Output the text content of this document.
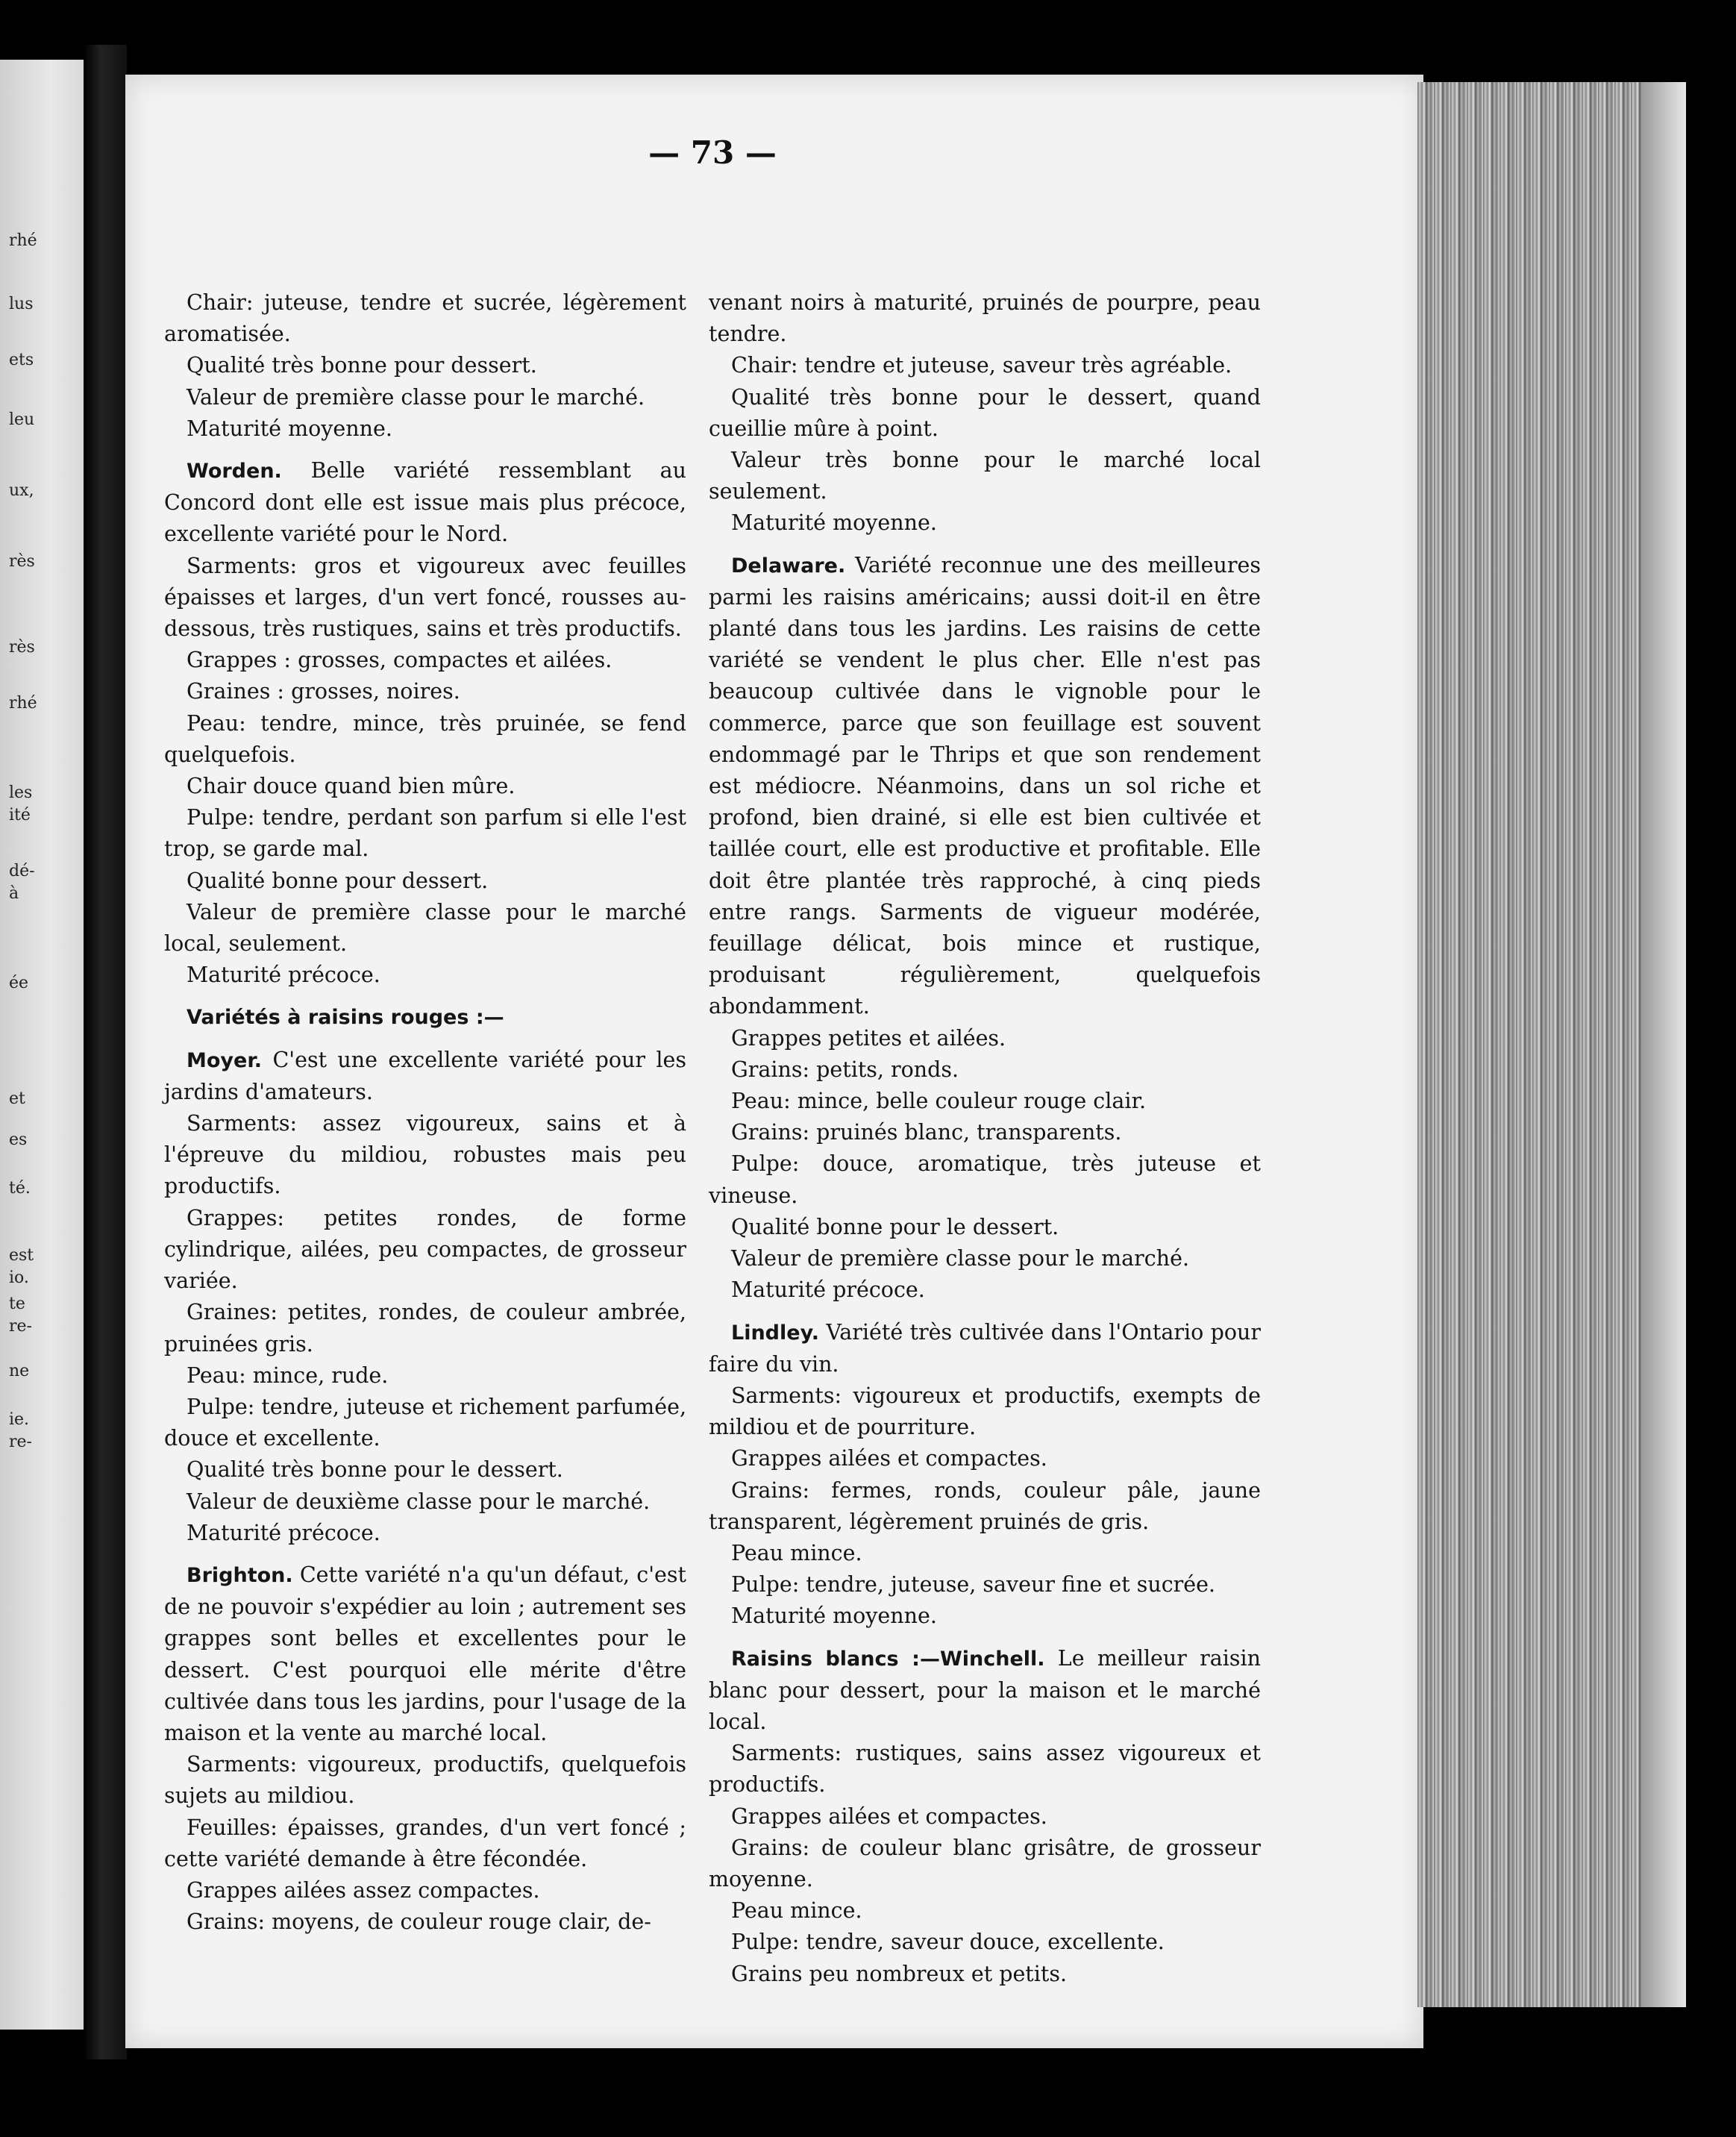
rhé
lus
ets
leu
ux,
rès
rès
rhé
les
ité
dé-
à
ée
et
es
té.
est
io.
te
re-
ne
ie.
re-
— 73 —

Chair: juteuse, tendre et sucrée, légèrement aromatisée.

Qualité très bonne pour dessert.

Valeur de première classe pour le marché.

Maturité moyenne.

Worden. Belle variété ressemblant au Concord dont elle est issue mais plus précoce, excellente variété pour le Nord.

Sarments: gros et vigoureux avec feuilles épaisses et larges, d'un vert foncé, rousses au-dessous, très rustiques, sains et très productifs.

Grappes : grosses, compactes et ailées.

Graines : grosses, noires.

Peau: tendre, mince, très pruinée, se fend quelquefois.

Chair douce quand bien mûre.

Pulpe: tendre, perdant son parfum si elle l'est trop, se garde mal.

Qualité bonne pour dessert.

Valeur de première classe pour le marché local, seulement.

Maturité précoce.

Variétés à raisins rouges :—

Moyer. C'est une excellente variété pour les jardins d'amateurs.

Sarments: assez vigoureux, sains et à l'épreuve du mildiou, robustes mais peu productifs.

Grappes: petites rondes, de forme cylindrique, ailées, peu compactes, de grosseur variée.

Graines: petites, rondes, de couleur ambrée, pruinées gris.

Peau: mince, rude.

Pulpe: tendre, juteuse et richement parfumée, douce et excellente.

Qualité très bonne pour le dessert.

Valeur de deuxième classe pour le marché.

Maturité précoce.

Brighton. Cette variété n'a qu'un défaut, c'est de ne pouvoir s'expédier au loin ; autrement ses grappes sont belles et excellentes pour le dessert. C'est pourquoi elle mérite d'être cultivée dans tous les jardins, pour l'usage de la maison et la vente au marché local.

Sarments: vigoureux, productifs, quelquefois sujets au mildiou.

Feuilles: épaisses, grandes, d'un vert foncé ; cette variété demande à être fécondée.

Grappes ailées assez compactes.

Grains: moyens, de couleur rouge clair, de-

venant noirs à maturité, pruinés de pourpre, peau tendre.

Chair: tendre et juteuse, saveur très agréable.

Qualité très bonne pour le dessert, quand cueillie mûre à point.

Valeur très bonne pour le marché local seulement.

Maturité moyenne.

Delaware. Variété reconnue une des meilleures parmi les raisins américains; aussi doit-il en être planté dans tous les jardins. Les raisins de cette variété se vendent le plus cher. Elle n'est pas beaucoup cultivée dans le vignoble pour le commerce, parce que son feuillage est souvent endommagé par le Thrips et que son rendement est médiocre. Néanmoins, dans un sol riche et profond, bien drainé, si elle est bien cultivée et taillée court, elle est productive et profitable. Elle doit être plantée très rapproché, à cinq pieds entre rangs. Sarments de vigueur modérée, feuillage délicat, bois mince et rustique, produisant régulièrement, quelquefois abondamment.

Grappes petites et ailées.

Grains: petits, ronds.

Peau: mince, belle couleur rouge clair.

Grains: pruinés blanc, transparents.

Pulpe: douce, aromatique, très juteuse et vineuse.

Qualité bonne pour le dessert.

Valeur de première classe pour le marché.

Maturité précoce.

Lindley. Variété très cultivée dans l'Ontario pour faire du vin.

Sarments: vigoureux et productifs, exempts de mildiou et de pourriture.

Grappes ailées et compactes.

Grains: fermes, ronds, couleur pâle, jaune transparent, légèrement pruinés de gris.

Peau mince.

Pulpe: tendre, juteuse, saveur fine et sucrée.

Maturité moyenne.

Raisins blancs :—Winchell. Le meilleur raisin blanc pour dessert, pour la maison et le marché local.

Sarments: rustiques, sains assez vigoureux et productifs.

Grappes ailées et compactes.

Grains: de couleur blanc grisâtre, de grosseur moyenne.

Peau mince.

Pulpe: tendre, saveur douce, excellente.

Grains peu nombreux et petits.
